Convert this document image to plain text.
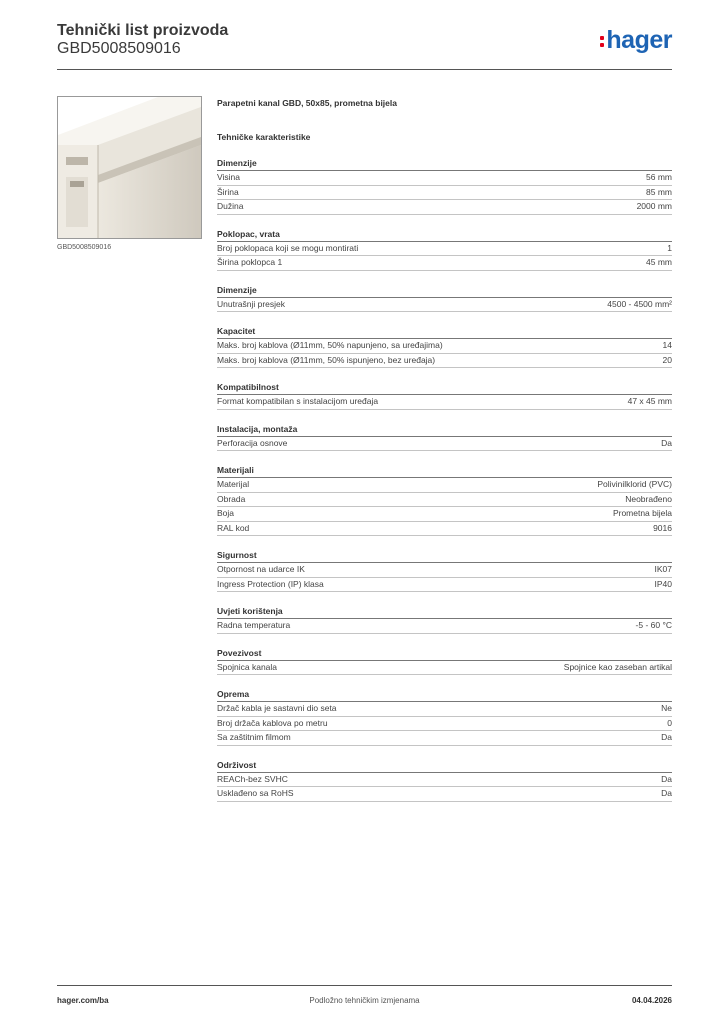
Tehnički list proizvoda
GBD5008509016	hager
GBD5008509016
Parapetni kanal GBD, 50x85, prometna bijela
Tehničke karakteristike
Dimenzije
Visina	56 mm
Širina	85 mm
Dužina	2000 mm
Poklopac, vrata
Broj poklopaca koji se mogu montirati	1
Širina poklopca 1	45 mm
Dimenzije
Unutrašnji presjek	4500 - 4500 mm²
Kapacitet
Maks. broj kablova (Ø11mm, 50% napunjeno, sa uređajima)	14
Maks. broj kablova (Ø11mm, 50% ispunjeno, bez uređaja)	20
Kompatibilnost
Format kompatibilan s instalacijom uređaja	47 x 45 mm
Instalacija, montaža
Perforacija osnove	Da
Materijali
Materijal	Polivinilklorid (PVC)
Obrada	Neobrađeno
Boja	Prometna bijela
RAL kod	9016
Sigurnost
Otpornost na udarce IK	IK07
Ingress Protection (IP) klasa	IP40
Uvjeti korištenja
Radna temperatura	-5 - 60 °C
Povezivost
Spojnica kanala	Spojnice kao zaseban artikal
Oprema
Držač kabla je sastavni dio seta	Ne
Broj držača kablova po metru	0
Sa zaštitnim filmom	Da
Održivost
REACh-bez SVHC	Da
Usklađeno sa RoHS	Da
hager.com/ba	Podložno tehničkim izmjenama	04.04.2026
